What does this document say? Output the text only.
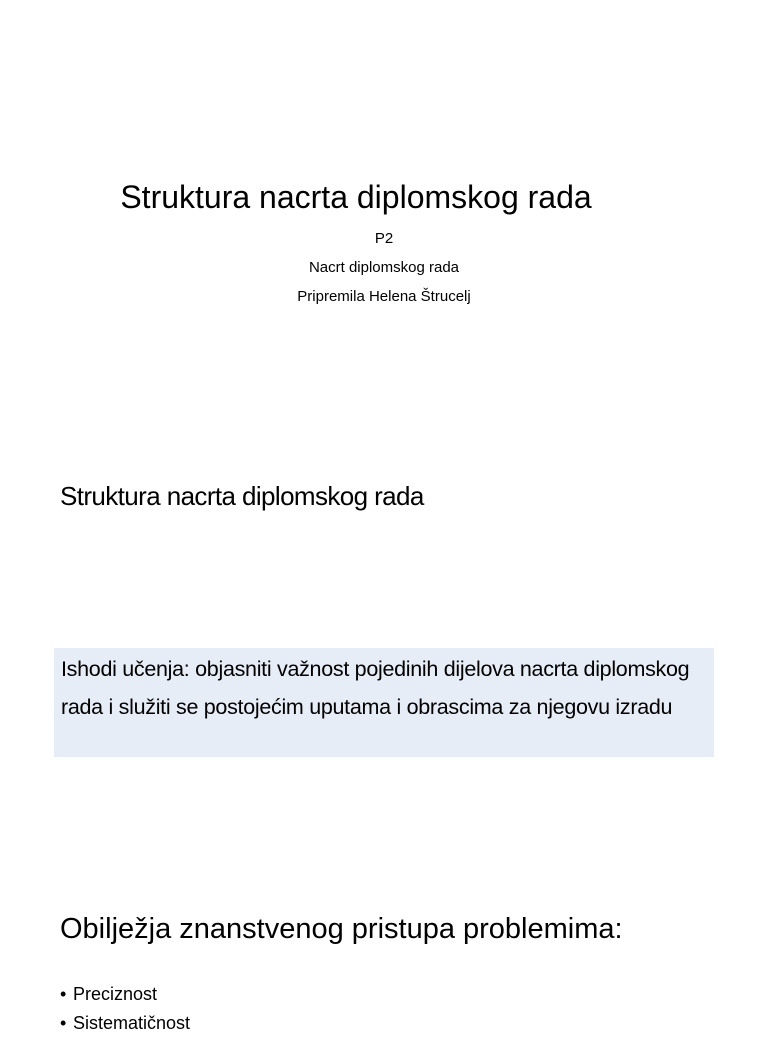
Struktura nacrta diplomskog rada
P2
Nacrt diplomskog rada
Pripremila Helena Štrucelj
Struktura nacrta diplomskog rada

Ishodi učenja: objasniti važnost pojedinih dijelova nacrta diplomskog rada i služiti se postojećim uputama i obrascima za njegovu izradu

Obilježja znanstvenog pristupa problemima:
• Preciznost
• Sistematičnost
